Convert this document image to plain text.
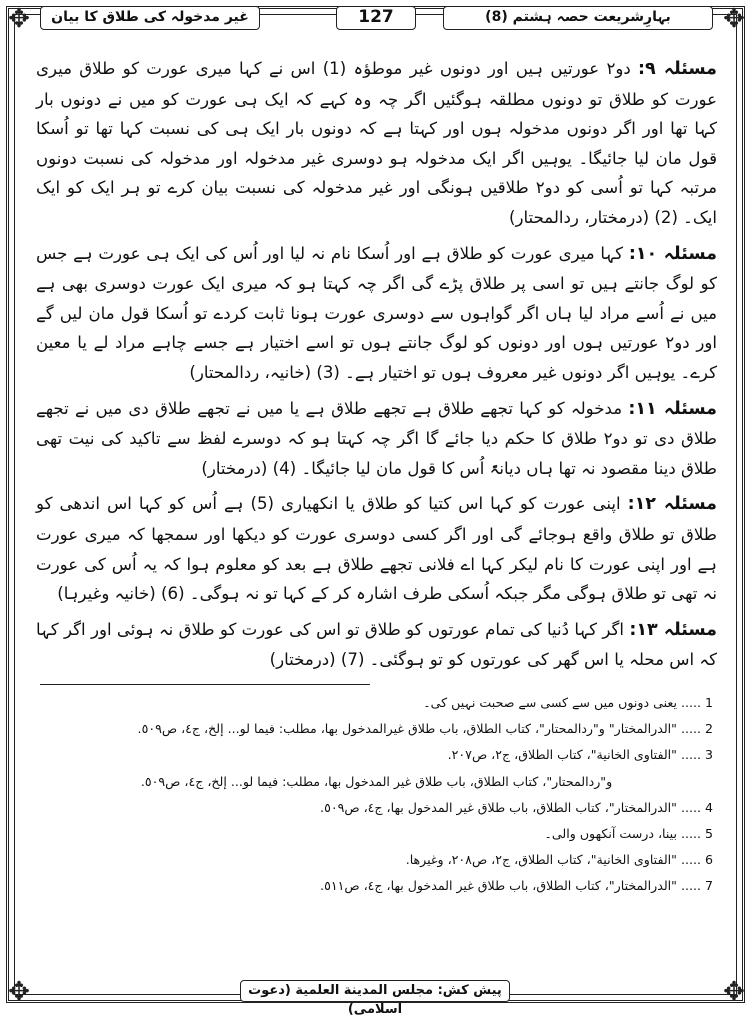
✥	✥
✥	✥
بہارِشریعت حصہ ہشتم (8)
127
غیر مدخولہ کی طلاق کا بیان

مسئلہ ۹: دو۲ عورتیں ہیں اور دونوں غیر موطؤہ (1) اس نے کہا میری عورت کو طلاق میری عورت کو طلاق تو دونوں مطلقہ ہوگئیں اگر چہ وہ کہے کہ ایک ہی عورت کو میں نے دونوں بار کہا تھا اور اگر دونوں مدخولہ ہوں اور کہتا ہے کہ دونوں بار ایک ہی کی نسبت کہا تھا تو اُسکا قول مان لیا جائیگا۔ یوہیں اگر ایک مدخولہ ہو دوسری غیر مدخولہ اور مدخولہ کی نسبت دونوں مرتبہ کہا تو اُسی کو دو۲ طلاقیں ہونگی اور غیر مدخولہ کی نسبت بیان کرے تو ہر ایک کو ایک ایک۔ (2) (درمختار، ردالمحتار)

مسئلہ ۱۰: کہا میری عورت کو طلاق ہے اور اُسکا نام نہ لیا اور اُس کی ایک ہی عورت ہے جس کو لوگ جانتے ہیں تو اسی پر طلاق پڑے گی اگر چہ کہتا ہو کہ میری ایک عورت دوسری بھی ہے میں نے اُسے مراد لیا ہاں اگر گواہوں سے دوسری عورت ہونا ثابت کردے تو اُسکا قول مان لیں گے اور دو۲ عورتیں ہوں اور دونوں کو لوگ جانتے ہوں تو اسے اختیار ہے جسے چاہے مراد لے یا معین کرے۔ یوہیں اگر دونوں غیر معروف ہوں تو اختیار ہے۔ (3) (خانیہ، ردالمحتار)

مسئلہ ۱۱: مدخولہ کو کہا تجھے طلاق ہے تجھے طلاق ہے یا میں نے تجھے طلاق دی میں نے تجھے طلاق دی تو دو۲ طلاق کا حکم دیا جائے گا اگر چہ کہتا ہو کہ دوسرے لفظ سے تاکید کی نیت تھی طلاق دینا مقصود نہ تھا ہاں دیانۃً اُس کا قول مان لیا جائیگا۔ (4) (درمختار)

مسئلہ ۱۲: اپنی عورت کو کہا اس کتیا کو طلاق یا انکھیاری (5) ہے اُس کو کہا اس اندھی کو طلاق تو طلاق واقع ہوجائے گی اور اگر کسی دوسری عورت کو دیکھا اور سمجھا کہ میری عورت ہے اور اپنی عورت کا نام لیکر کہا اے فلانی تجھے طلاق ہے بعد کو معلوم ہوا کہ یہ اُس کی عورت نہ تھی تو طلاق ہوگی مگر جبکہ اُسکی طرف اشارہ کر کے کہا تو نہ ہوگی۔ (6) (خانیہ وغیرہا)

مسئلہ ۱۳: اگر کہا دُنیا کی تمام عورتوں کو طلاق تو اس کی عورت کو طلاق نہ ہوئی اور اگر کہا کہ اس محلہ یا اس گھر کی عورتوں کو تو ہوگئی۔ (7) (درمختار)

1 ..... یعنی دونوں میں سے کسی سے صحبت نہیں کی۔
2 ..... "الدرالمختار" و"ردالمحتار"، كتاب الطلاق، باب طلاق غيرالمدخول بها، مطلب: فيما لو... إلخ، ج٤، ص٥٠٩.
3 ..... "الفتاوى الخانية"، كتاب الطلاق، ج٢، ص٢٠٧.
و"ردالمحتار"، كتاب الطلاق، باب طلاق غير المدخول بها، مطلب: فيما لو... إلخ، ج٤، ص٥٠٩.
4 ..... "الدرالمختار"، كتاب الطلاق، باب طلاق غير المدخول بها، ج٤، ص٥٠٩.
5 ..... بینا، درست آنکھوں والی۔
6 ..... "الفتاوى الخانية"، كتاب الطلاق، ج٢، ص٢٠٨، وغيرها.
7 ..... "الدرالمختار"، كتاب الطلاق، باب طلاق غير المدخول بها، ج٤، ص٥١١.
پیش کش: مجلس المدینة العلمیة (دعوت اسلامی)
